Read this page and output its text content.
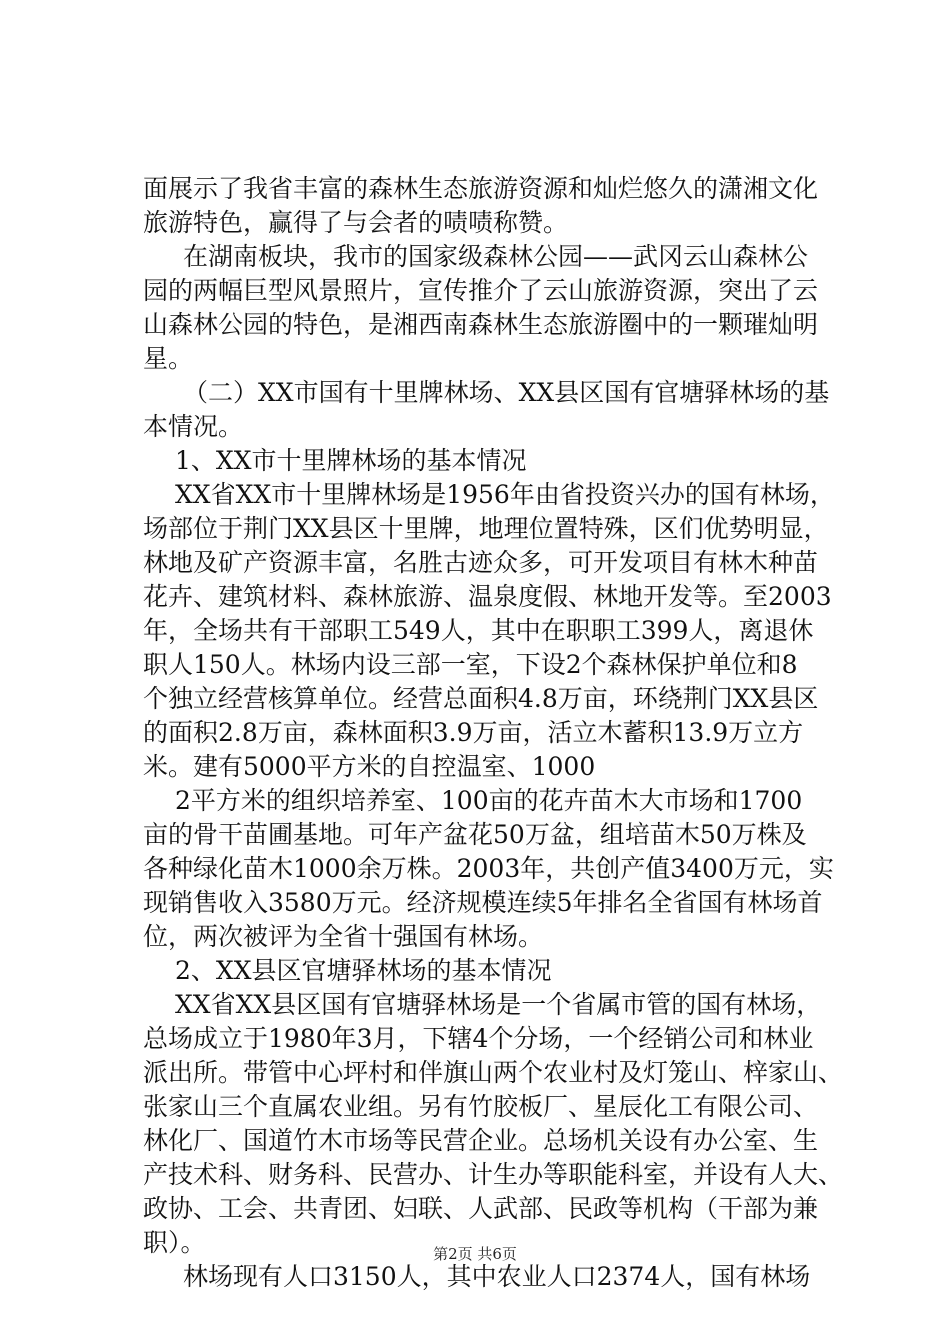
面展示了我省丰富的森林生态旅游资源和灿烂悠久的潇湘文化
旅游特色，赢得了与会者的啧啧称赞。
在湖南板块，我市的国家级森林公园——武冈云山森林公
园的两幅巨型风景照片，宣传推介了云山旅游资源，突出了云
山森林公园的特色，是湘西南森林生态旅游圈中的一颗璀灿明
星。
（二）XX市国有十里牌林场、XX县区国有官塘驿林场的基
本情况。
1、XX市十里牌林场的基本情况
XX省XX市十里牌林场是1956年由省投资兴办的国有林场，
场部位于荆门XX县区十里牌，地理位置特殊，区们优势明显，
林地及矿产资源丰富，名胜古迹众多，可开发项目有林木种苗
花卉、建筑材料、森林旅游、温泉度假、林地开发等。至2003
年，全场共有干部职工549人，其中在职职工399人，离退休
职人150人。林场内设三部一室，下设2个森林保护单位和8
个独立经营核算单位。经营总面积4.8万亩，环绕荆门XX县区
的面积2.8万亩，森林面积3.9万亩，活立木蓄积13.9万立方
米。建有5000平方米的自控温室、1000
2平方米的组织培养室、100亩的花卉苗木大市场和1700
亩的骨干苗圃基地。可年产盆花50万盆，组培苗木50万株及
各种绿化苗木1000余万株。2003年，共创产值3400万元，实
现销售收入3580万元。经济规模连续5年排名全省国有林场首
位，两次被评为全省十强国有林场。
2、XX县区官塘驿林场的基本情况
XX省XX县区国有官塘驿林场是一个省属市管的国有林场，
总场成立于1980年3月，下辖4个分场，一个经销公司和林业
派出所。带管中心坪村和伴旗山两个农业村及灯笼山、梓家山、
张家山三个直属农业组。另有竹胶板厂、星辰化工有限公司、
林化厂、国道竹木市场等民营企业。总场机关设有办公室、生
产技术科、财务科、民营办、计生办等职能科室，并设有人大、
政协、工会、共青团、妇联、人武部、民政等机构（干部为兼
职）。
林场现有人口3150人，其中农业人口2374人，国有林场
第2页 共6页
